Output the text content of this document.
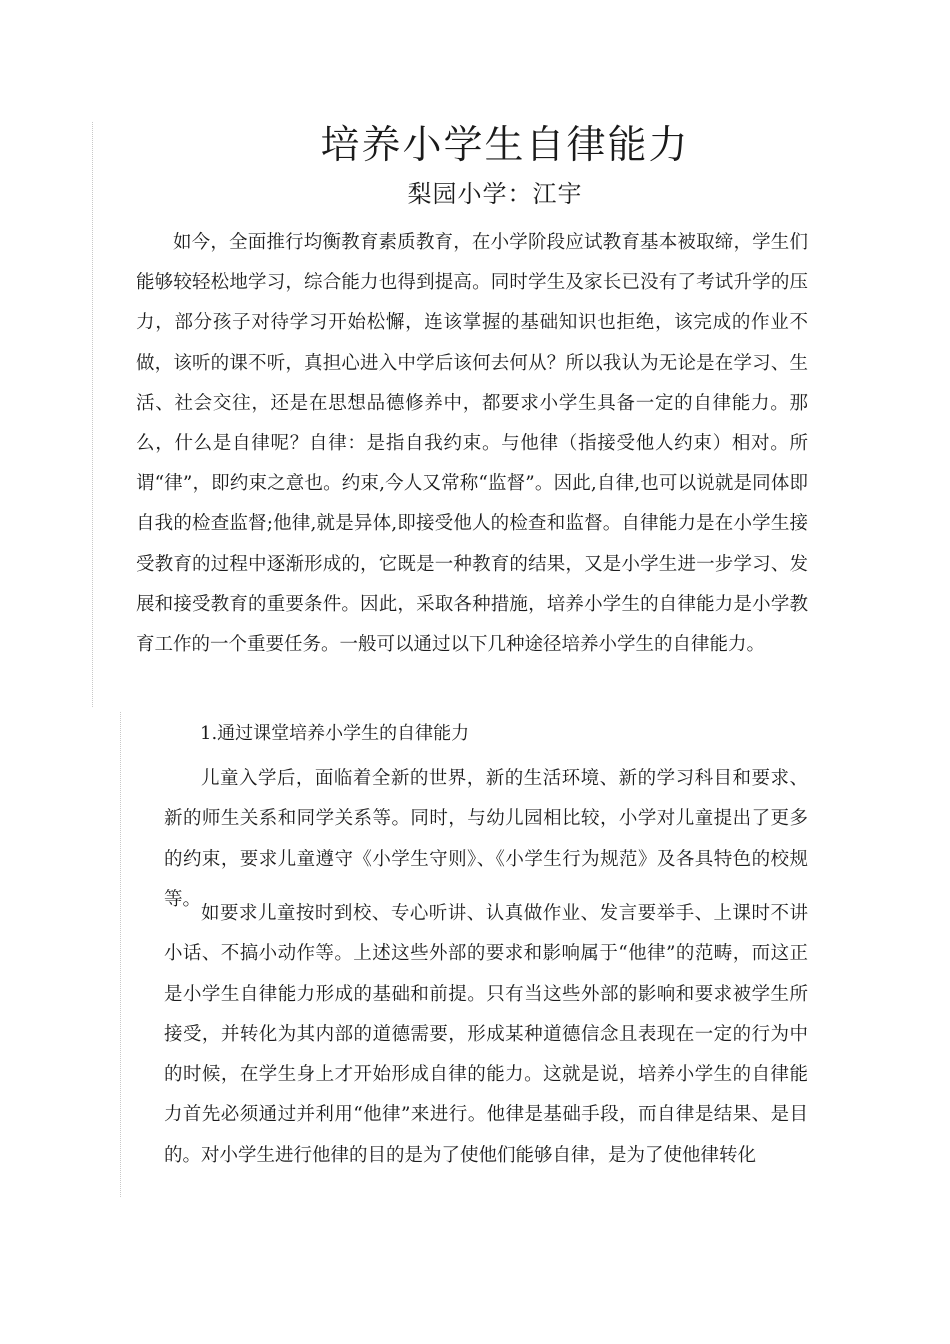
培养小学生自律能力
梨园小学：江宇

如今，全面推行均衡教育素质教育，在小学阶段应试教育基本被取缔，学生们能够较轻松地学习，综合能力也得到提高。同时学生及家长已没有了考试升学的压力，部分孩子对待学习开始松懈，连该掌握的基础知识也拒绝，该完成的作业不做，该听的课不听，真担心进入中学后该何去何从？所以我认为无论是在学习、生活、社会交往，还是在思想品德修养中，都要求小学生具备一定的自律能力。那么，什么是自律呢？自律：是指自我约束。与他律（指接受他人约束）相对。所谓“律”，即约束之意也。约束,今人又常称“监督”。因此,自律,也可以说就是同体即自我的检查监督;他律,就是异体,即接受他人的检查和监督。自律能力是在小学生接受教育的过程中逐渐形成的，它既是一种教育的结果，又是小学生进一步学习、发展和接受教育的重要条件。因此，采取各种措施，培养小学生的自律能力是小学教育工作的一个重要任务。一般可以通过以下几种途径培养小学生的自律能力。

1.通过课堂培养小学生的自律能力

儿童入学后，面临着全新的世界，新的生活环境、新的学习科目和要求、新的师生关系和同学关系等。同时，与幼儿园相比较，小学对儿童提出了更多的约束，要求儿童遵守《小学生守则》、《小学生行为规范》及各具特色的校规等。

如要求儿童按时到校、专心听讲、认真做作业、发言要举手、上课时不讲小话、不搞小动作等。上述这些外部的要求和影响属于“他律”的范畴，而这正是小学生自律能力形成的基础和前提。只有当这些外部的影响和要求被学生所接受，并转化为其内部的道德需要，形成某种道德信念且表现在一定的行为中的时候，在学生身上才开始形成自律的能力。这就是说，培养小学生的自律能力首先必须通过并利用“他律”来进行。他律是基础手段，而自律是结果、是目的。对小学生进行他律的目的是为了使他们能够自律，是为了使他律转化
